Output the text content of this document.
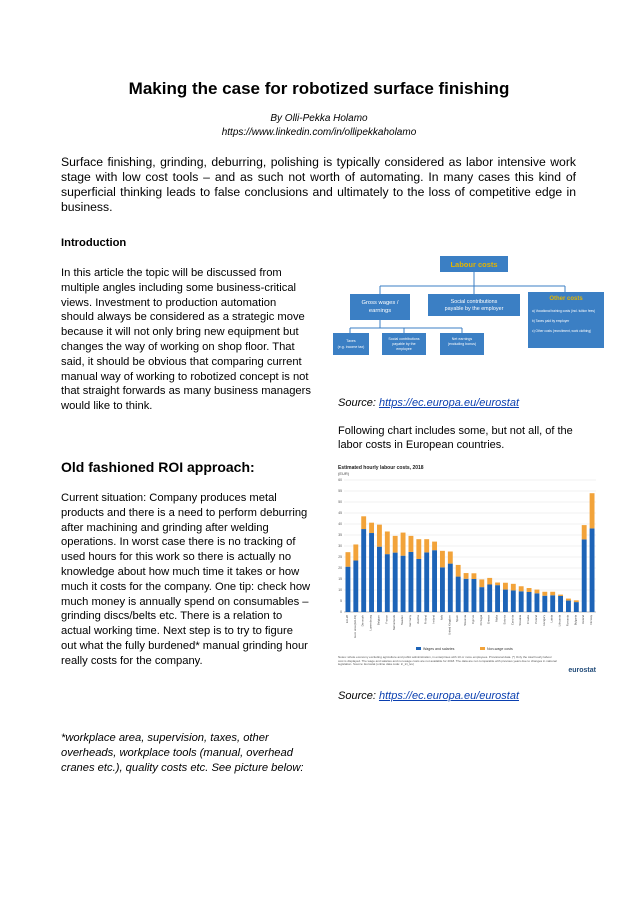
Making the case for robotized surface finishing
By Olli-Pekka Holamo
https://www.linkedin.com/in/ollipekkaholamo
Surface finishing, grinding, deburring, polishing is typically considered as labor intensive work stage with low cost tools – and as such not worth of automating. In many cases this kind of superficial thinking leads to false conclusions and ultimately to the loss of competitive edge in business.
Introduction
In this article the topic will be discussed from multiple angles including some business-critical views. Investment to production automation should always be considered as a strategic move because it will not only bring new equipment but changes the way of working on shop floor. That said, it should be obvious that comparing current manual way of working to robotized concept is not that straight forwards as many business managers would like to think.
Old fashioned ROI approach:
Current situation: Company produces metal products and there is a need to perform deburring after machining and grinding after welding operations. In worst case there is no tracking of used hours for this work so there is actually no knowledge about how much time it takes or how much it costs for the company. One tip: check how much money is annually spend on consumables – grinding discs/belts etc. There is a relation to actual working time. Next step is to try to figure out what the fully burdened* manual grinding hour really costs for the company.
*workplace area, supervision, taxes, other overheads, workplace tools (manual, overhead cranes etc.), quality costs etc. See picture below:
Labour costs
Gross wages / earnings
Social contributions payable by the employer
Other costs
a) Vocational training costs (incl. tuition fees)
b) Taxes paid by employer
c) Other costs (recruitment, work clothing)
Taxes (e.g. income tax)
Social contributions payable by the employee
Net earnings (excluding bonus)
Source: https://ec.europa.eu/eurostat
Following chart includes some, but not all, of the labor costs in European countries.
Estimated hourly labour costs, 2018
(EUR)
0
5
10
15
20
25
30
35
40
45
50
55
60
EU-28 Euro area (EA-19) Denmark Luxembourg Belgium France Netherlands Sweden Germany Austria Finland Ireland Italy United Kingdom Spain Slovenia Cyprus Portugal Greece Malta Estonia Czechia Slovakia Croatia Poland Hungary Latvia Lithuania Romania Bulgaria Iceland Norway
Wages and salaries	Non-wage costs
Notes: whole economy excluding agriculture and public administration, in enterprises with 10 or more employees. Provisional data. (*) Only the total hourly labour cost is displayed. The wage and salaries and non-wage costs are not available for 2018. The data are not comparable with previous years due to changes in national legislation. Source: Eurostat (online data code: lc_lci_lev)
eurostat
Source: https://ec.europa.eu/eurostat
